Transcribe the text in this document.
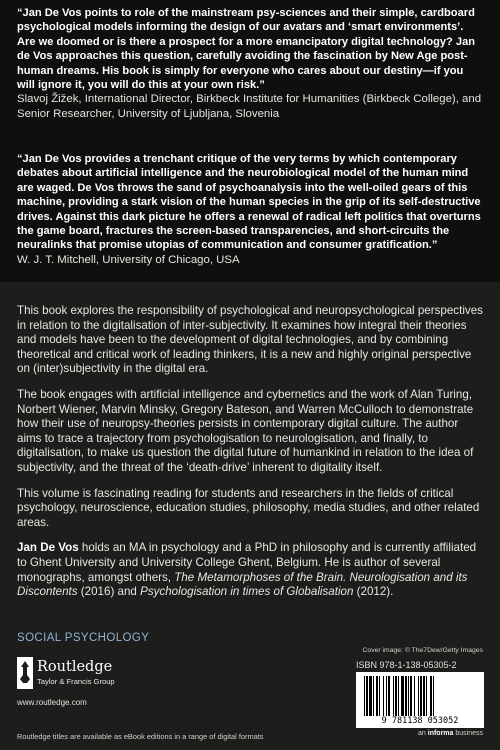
“Jan De Vos points to role of the mainstream psy-sciences and their simple, cardboard psychological models informing the design of our avatars and ‘smart environments’. Are we doomed or is there a prospect for a more emancipatory digital technology? Jan de Vos approaches this question, carefully avoiding the fascination by New Age post-human dreams. His book is simply for everyone who cares about our destiny—if you will ignore it, you will do this at your own risk.”
Slavoj Žižek, International Director, Birkbeck Institute for Humanities (Birkbeck College), and Senior Researcher, University of Ljubljana, Slovenia
“Jan De Vos provides a trenchant critique of the very terms by which contemporary debates about artificial intelligence and the neurobiological model of the human mind are waged. De Vos throws the sand of psychoanalysis into the well-oiled gears of this machine, providing a stark vision of the human species in the grip of its self-destructive drives. Against this dark picture he offers a renewal of radical left politics that overturns the game board, fractures the screen-based transparencies, and short-circuits the neuralinks that promise utopias of communication and consumer gratification.”
W. J. T. Mitchell, University of Chicago, USA

This book explores the responsibility of psychological and neuropsychological perspectives in relation to the digitalisation of inter-subjectivity. It examines how integral their theories and models have been to the development of digital technologies, and by combining theoretical and critical work of leading thinkers, it is a new and highly original perspective on (inter)subjectivity in the digital era.

The book engages with artificial intelligence and cybernetics and the work of Alan Turing, Norbert Wiener, Marvin Minsky, Gregory Bateson, and Warren McCulloch to demonstrate how their use of neuropsy-theories persists in contemporary digital culture. The author aims to trace a trajectory from psychologisation to neurologisation, and finally, to digitalisation, to make us question the digital future of humankind in relation to the idea of subjectivity, and the threat of the ‘death-drive’ inherent to digitality itself.

This volume is fascinating reading for students and researchers in the fields of critical psychology, neuroscience, education studies, philosophy, media studies, and other related areas.

Jan De Vos holds an MA in psychology and a PhD in philosophy and is currently affiliated to Ghent University and University College Ghent, Belgium. He is author of several monographs, amongst others, The Metamorphoses of the Brain. Neurologisation and its Discontents (2016) and Psychologisation in times of Globalisation (2012).

SOCIAL PSYCHOLOGY
Cover image: © The7Dew/Getty Images
ISBN 978-1-138-05305-2
9 781138 053052
an informa business
Routledge
Taylor & Francis Group
www.routledge.com
Routledge titles are available as eBook editions in a range of digital formats
